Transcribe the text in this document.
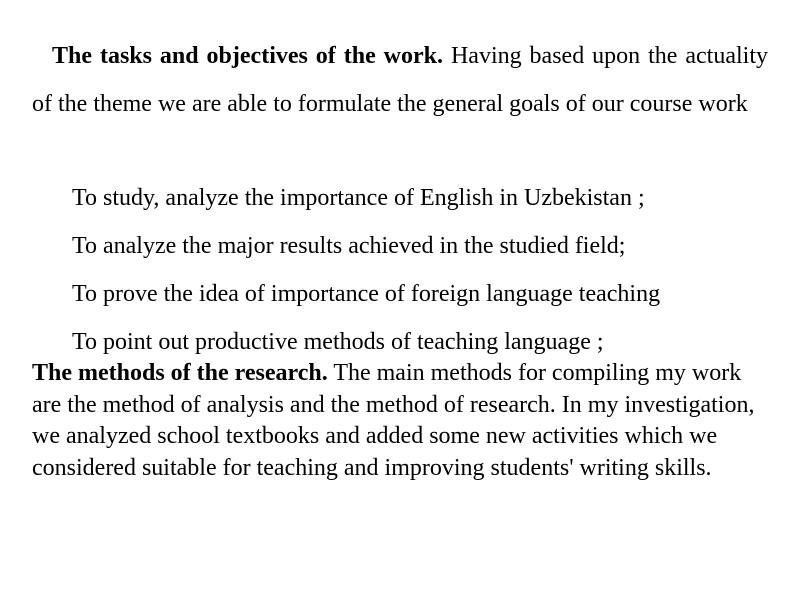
The tasks and objectives of the work. Having based upon the actuality of the theme we are able to formulate the general goals of our course work

To study, analyze the importance of English in Uzbekistan ;

To analyze the major results achieved in the studied field;

To prove the idea of importance of foreign language teaching

To point out productive methods of teaching language ;

The methods of the research. The main methods for compiling my work are the method of analysis and the method of research. In my investigation, we analyzed school textbooks and added some new activities which we considered suitable for teaching and improving students' writing skills.
